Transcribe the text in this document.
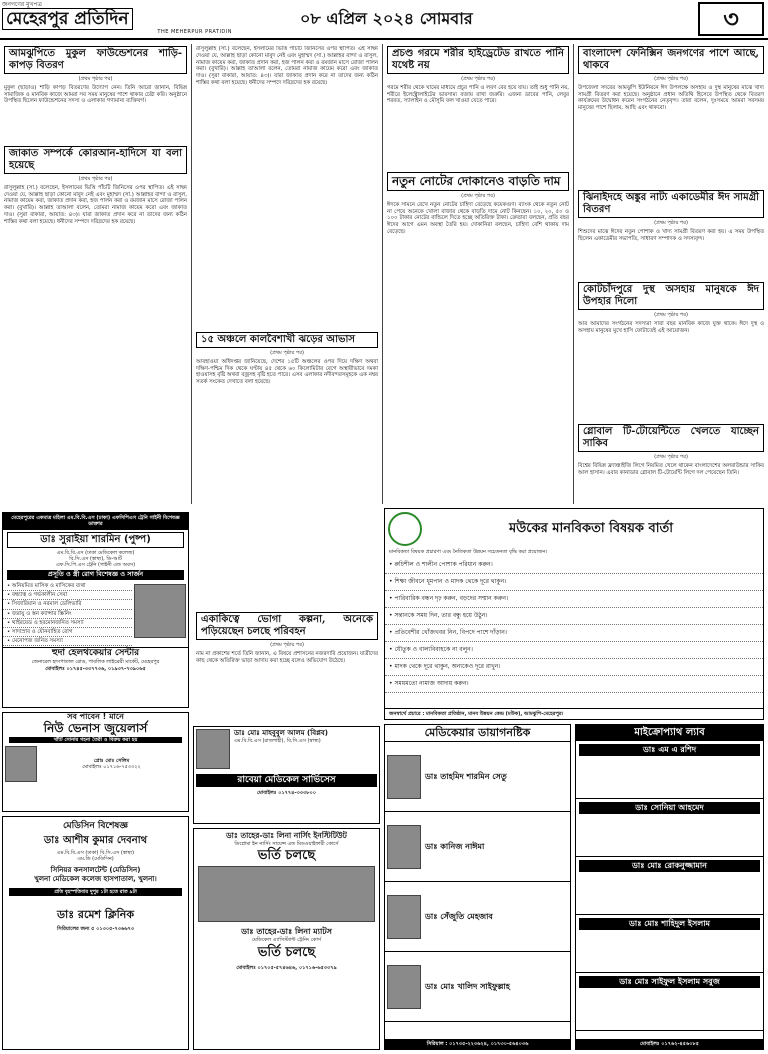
জনগণের মুখপত্র
মেহেরপুর প্রতিদিন
THE MEHERPUR PRATIDIN
০৮ এপ্রিল ২০২৪ সোমবার	৩
আমঝুপিতে মুকুল ফাউন্ডেশনের শাড়ি-কাপড় বিতরণ
(প্রথম পৃষ্ঠার পর)
মুকুল (ছাড়াও) শাড়ি কাপড় বিতরণের উদ্যোগ নেন। তিনি আরো জানান, বিভিন্ন সামাজিক ও মানবিক কাজে আমরা সব সময় মানুষের পাশে থাকার চেষ্টা করি। অনুষ্ঠানে উপস্থিত ছিলেন ফাউন্ডেশনের সদস্য ও এলাকার গণ্যমান্য ব্যক্তিবর্গ।
জাকাত সম্পর্কে কোরআন-হাদিসে যা বলা হয়েছে
(প্রথম পৃষ্ঠার পর)
রাসুলুল্লাহ (সা.) বলেছেন, ইসলামের ভিত্তি পাঁচটি জিনিসের ওপর স্থাপিত। এই সাক্ষ্য দেওয়া যে, আল্লাহ ছাড়া কোনো মাবুদ নেই এবং মুহাম্মদ (সা.) আল্লাহর বান্দা ও রাসুল, নামাজ কায়েম করা, জাকাত প্রদান করা, হজ পালন করা ও রমজান মাসে রোজা পালন করা। (বুখারি)। আল্লাহ তাআলা বলেন, তোমরা নামাজ কায়েম করো এবং জাকাত দাও। (সুরা বাকারা, আয়াত: ৪৩)। যারা জাকাত প্রদান করে না তাদের জন্য কঠিন শাস্তির কথা বলা হয়েছে। ধনীদের সম্পদে দরিদ্রদের হক রয়েছে।
রাসুলুল্লাহ (সা.) বলেছেন, ইসলামের ভিত্তি পাঁচটি জিনিসের ওপর স্থাপিত। এই সাক্ষ্য দেওয়া যে, আল্লাহ ছাড়া কোনো মাবুদ নেই এবং মুহাম্মদ (সা.) আল্লাহর বান্দা ও রাসুল, নামাজ কায়েম করা, জাকাত প্রদান করা, হজ পালন করা ও রমজান মাসে রোজা পালন করা। (বুখারি)। আল্লাহ তাআলা বলেন, তোমরা নামাজ কায়েম করো এবং জাকাত দাও। (সুরা বাকারা, আয়াত: ৪৩)। যারা জাকাত প্রদান করে না তাদের জন্য কঠিন শাস্তির কথা বলা হয়েছে। ধনীদের সম্পদে দরিদ্রদের হক রয়েছে।
১৫ অঞ্চলে কালবৈশাখী ঝড়ের আভাস
(প্রথম পৃষ্ঠার পর)
আবহাওয়া অধিদপ্তর জানিয়েছে, দেশের ১৫টি অঞ্চলের ওপর দিয়ে দক্ষিণ অথবা দক্ষিণ-পশ্চিম দিক থেকে ঘণ্টায় ৪৫ থেকে ৬০ কিলোমিটার বেগে অস্থায়ীভাবে দমকা হাওয়াসহ বৃষ্টি অথবা বজ্রসহ বৃষ্টি হতে পারে। এসব এলাকার নদীবন্দরসমূহকে এক নম্বর সতর্ক সংকেত দেখাতে বলা হয়েছে।
একাকিত্বে ভোগা কল্পনা, অনেকে পড়িয়েছেন চলছে পরিবহন
(প্রথম পৃষ্ঠার পর)
নাম না প্রকাশের শর্তে তিনি জানান, এ বিষয়ে প্রশাসনের নজরদারি প্রয়োজন। যাত্রীদের কাছ থেকে অতিরিক্ত ভাড়া আদায় করা হচ্ছে বলেও অভিযোগ উঠেছে।
প্রচণ্ড গরমে শরীর হাইড্রেটেড রাখতে পানি যথেষ্ট নয়
(প্রথম পৃষ্ঠার পর)
গরমে শরীর থেকে ঘামের মাধ্যমে প্রচুর পানি ও লবণ বের হয়ে যায়। তাই শুধু পানি নয়, শরীরে ইলেক্ট্রোলাইটের ভারসাম্য বজায় রাখা জরুরি। এজন্য ডাবের পানি, লেবুর শরবত, স্যালাইন ও মৌসুমি ফল খাওয়া যেতে পারে।
নতুন নোটের দোকানেও বাড়তি দাম
(প্রথম পৃষ্ঠার পর)
ঈদকে সামনে রেখে নতুন নোটের চাহিদা বেড়েছে কয়েকগুণ। ব্যাংক থেকে নতুন নোট না পেয়ে অনেকে খোলা বাজার থেকে বাড়তি দামে নোট কিনছেন। ১০, ২০, ৫০ ও ১০০ টাকার নোটের বান্ডিলে দিতে হচ্ছে অতিরিক্ত টাকা। ক্রেতারা বলছেন, প্রতি বছর ঈদের আগে এমন অবস্থা তৈরি হয়। দোকানিরা বলছেন, চাহিদা বেশি থাকায় দাম বেড়েছে।
বাংলাদেশ ফেনিক্সিন জনগণের পাশে আছে, থাকবে
(প্রথম পৃষ্ঠার পর)
উপজেলা সদরের আমঝুপি ইউনিয়নে ঈদ উপলক্ষে অসহায় ও দুস্থ মানুষের মাঝে খাদ্য সামগ্রী বিতরণ করা হয়েছে। অনুষ্ঠানে প্রধান অতিথি হিসেবে উপস্থিত থেকে বিতরণ কার্যক্রমের উদ্বোধন করেন সংগঠনের নেতৃবৃন্দ। তারা বলেন, দুঃসময়ে আমরা সবসময় মানুষের পাশে ছিলাম, আছি এবং থাকবো।
ঝিনাইদহে অঙ্কুর নাট্য একাডেমীর ঈদ সামগ্রী বিতরণ
(প্রথম পৃষ্ঠার পর)
শিশুদের মাঝে ঈদের নতুন পোশাক ও খাদ্য সামগ্রী বিতরণ করা হয়। এ সময় উপস্থিত ছিলেন একাডেমীর সভাপতি, সাধারণ সম্পাদক ও সদস্যবৃন্দ।
কোটচাঁদপুরে দুস্থ অসহায় মানুষকে ঈদ উপহার দিলো
(প্রথম পৃষ্ঠার পর)
আর আমাদের সংগঠনের সদস্যরা সারা বছর মানবিক কাজে যুক্ত থাকে। ঈদে দুস্থ ও অসহায় মানুষের মুখে হাসি ফোটাতেই এই আয়োজন।
গ্লোবাল টি-টোয়েন্টিতে খেলতে যাচ্ছেন সাকিব
(প্রথম পৃষ্ঠার পর)
বিশ্বের বিভিন্ন ফ্র্যাঞ্চাইজি লিগে নিয়মিত খেলে থাকেন বাংলাদেশের অলরাউন্ডার সাকিব আল হাসান। এবার কানাডার গ্লোবাল টি-টোয়েন্টি লিগে দল পেয়েছেন তিনি।
মেহেরপুরের একমাত্র মহিলা এম.বি.বি.এস (ঢাকা) এফসিপিএস ট্রেনি গাইনী বিশেষজ্ঞ ডাক্তার
ডাঃ সুরাইয়া শারমিন (পুষ্প)
এম.বি.বি.এস (ঢাকা মেডিকেল কলেজ)
বি.সি.এস (স্বাস্থ্য), ডি-আর্ট
এফ.সি.পি.এস ট্রেনি (গাইনী এন্ড অবস)
প্রসূতি ও স্ত্রী রোগ বিশেষজ্ঞ ও সার্জন
• অনিয়মিত মাসিক ও মাসিকের ব্যথা
• বন্ধ্যাত্ব ও গর্ভকালীন সেবা
• সিজারিয়ান ও নরমাল ডেলিভারি
• জরায়ু ও স্তন ক্যান্সার স্ক্রিনিং
• থাইরয়েড ও হরমোনজনিত সমস্যা
• সাদাস্রাব ও যৌনবাহিত রোগ
• মেনোপজ জনিত সমস্যা
হুদা হেলথকেয়ার সেন্টার
জেনারেল হাসপাতাল রোড, পাবলিক লাইব্রেরী মার্কেট, মেহেরপুর
মোবাইলঃ ০১৭৪৫-৩৩৭৭৩৬, ০১৯৩৭-৭৩৯০৬৫
সব পাবেন ! মানে
নিউ ভেনাস জুয়েলার্স
খাঁটি সোনার গহনা তৈরী ও বিক্রয় করা হয়
প্রোঃ মোঃ সেলিম
মোবাইলঃ ০১৭১৬-৭৫৩৩২২
মেডিসিন বিশেষজ্ঞ
ডাঃ আশীষ কুমার দেবনাথ
এম.বি.বি.এস (ঢাকা) বি.সি.এস (স্বাস্থ্য)
এম.ডি (মেডিসিন)
সিনিয়র কনসালটেন্ট (মেডিসিন)
খুলনা মেডিকেল কলেজ হাসপাতাল, খুলনা।
প্রতি বৃহস্পতিবার দুপুর ১টা হতে রাত ৯টা
ডাঃ রমেশ ক্লিনিক
সিরিয়ালের জন্য ৫ ০১৩০৫-৭৩৬৬৭৩
ডাঃ মোঃ মাহবুবুল আলম (বিপ্লব)
এম.বি.বি.এস (রাজশাহী), বি.সি.এস (স্বাস্থ্য)
রাবেয়া মেডিকেল সার্ভিসেস
মোবাইলঃ ০১৭৭৪-৩৩৩৮০০
ডাঃ তাহের-ডাঃ লিনা নার্সিং ইনস্টিটিউট
ডিপ্লোমা ইন নার্সিং সায়েন্স এন্ড মিডওয়াইফারী কোর্সে
ভর্তি চলছে
ডাঃ তাহের-ডাঃ লিনা ম্যাটস
মেডিকেল এ্যাসিস্ট্যান্ট ট্রেনিং কোর্স
ভর্তি চলছে
মোবাইলঃ ০১৭০৫-৫৭৪৬৪৬, ০১৭১৬-৬৫৩৩৭৯
মউকের মানবিকতা বিষয়ক বার্তা
মানবিকতা বিষয়ক প্রচারণা এবং নৈতিকতা উন্নয়ন সচেতনতা বৃদ্ধি করা প্রয়োজন।
• রুচিশীল ও শালীন পোশাক পরিধান করুন।
• শিক্ষা জীবনে ধূমপান ও মাদক থেকে দূরে থাকুন।
• পারিবারিক বন্ধন দৃঢ় করুন, বড়দের সম্মান করুন।
• সন্তানকে সময় দিন, তার বন্ধু হয়ে উঠুন।
• প্রতিবেশীর খোঁজখবর নিন, বিপদে পাশে দাঁড়ান।
• যৌতুক ও বাল্যবিবাহকে না বলুন।
• মাদক থেকে দূরে থাকুন, অন্যকেও দূরে রাখুন।
• সময়মতো নামাজ আদায় করুন।
জনস্বার্থে প্রচারে : মানবিকতা প্রতিষ্ঠান, মানব উন্নয়ন কেন্দ্র (মউক), আমঝুপি-মেহেরপুর।
মেডিকেয়ার ডায়াগনষ্টিক
ডাঃ তাহমিদ শারমিন সেতু
ডাঃ কানিজ নাঈমা
ডাঃ সেঁজুতি মেহজাব
ডাঃ মোঃ খালিদ সাইফুল্লাহ
সিরিয়াল : ০১৭৩৫-২২৩৬২৪, ০১৭৩০-৫৬৪০৩৬
মাইক্রোপ্যাথ ল্যাব
ডাঃ এম এ রশিদ
ডাঃ সোনিয়া আহমেদ
ডাঃ মোঃ রোকনুজ্জামান
ডাঃ মোঃ শাহিদুল ইসলাম
ডাঃ মোঃ সাইফুল ইসলাম সবুজ
মোবাইলঃ ০১৭৬২-৪৫৬০৮৫
